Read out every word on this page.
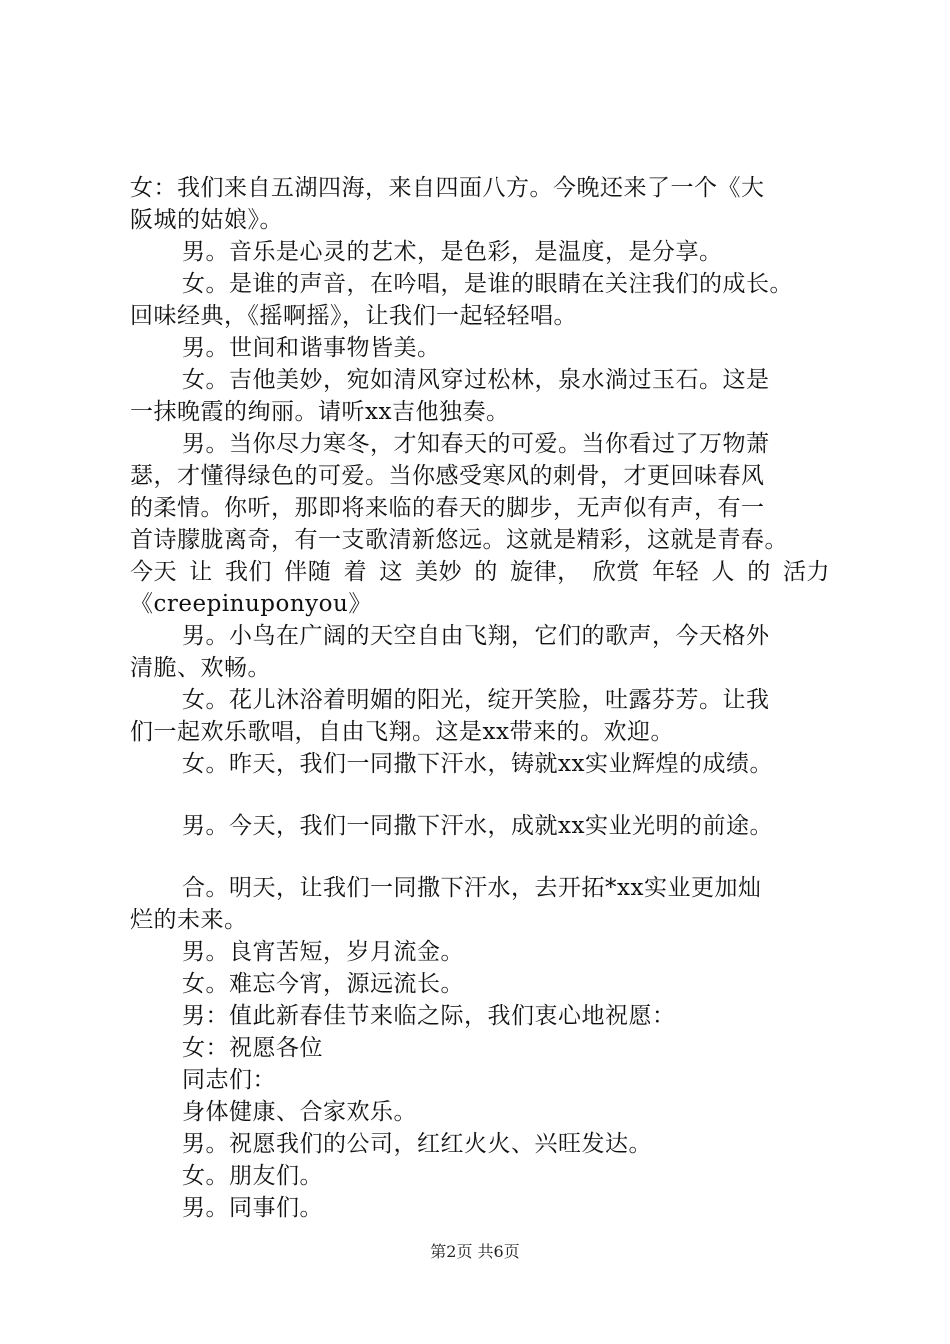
女：我们来自五湖四海，来自四面八方。今晚还来了一个《大
阪城的姑娘》。
男。音乐是心灵的艺术，是色彩，是温度，是分享。
女。是谁的声音，在吟唱，是谁的眼睛在关注我们的成长。
回味经典，《摇啊摇》，让我们一起轻轻唱。
男。世间和谐事物皆美。
女。吉他美妙，宛如清风穿过松林，泉水淌过玉石。这是
一抹晚霞的绚丽。请听xx吉他独奏。
男。当你尽力寒冬，才知春天的可爱。当你看过了万物萧
瑟，才懂得绿色的可爱。当你感受寒风的刺骨，才更回味春风
的柔情。你听，那即将来临的春天的脚步，无声似有声，有一
首诗朦胧离奇，有一支歌清新悠远。这就是精彩，这就是青春。
今天 让 我们 伴随 着 这 美妙 的 旋律， 欣赏 年轻 人 的 活力
《creepinuponyou》
男。小鸟在广阔的天空自由飞翔，它们的歌声，今天格外
清脆、欢畅。
女。花儿沐浴着明媚的阳光，绽开笑脸，吐露芬芳。让我
们一起欢乐歌唱，自由飞翔。这是xx带来的。欢迎。
女。昨天，我们一同撒下汗水，铸就xx实业辉煌的成绩。
男。今天，我们一同撒下汗水，成就xx实业光明的前途。
合。明天，让我们一同撒下汗水，去开拓*xx实业更加灿
烂的未来。
男。良宵苦短，岁月流金。
女。难忘今宵，源远流长。
男：值此新春佳节来临之际，我们衷心地祝愿：
女：祝愿各位
同志们：
身体健康、合家欢乐。
男。祝愿我们的公司，红红火火、兴旺发达。
女。朋友们。
男。同事们。
第2页 共6页
